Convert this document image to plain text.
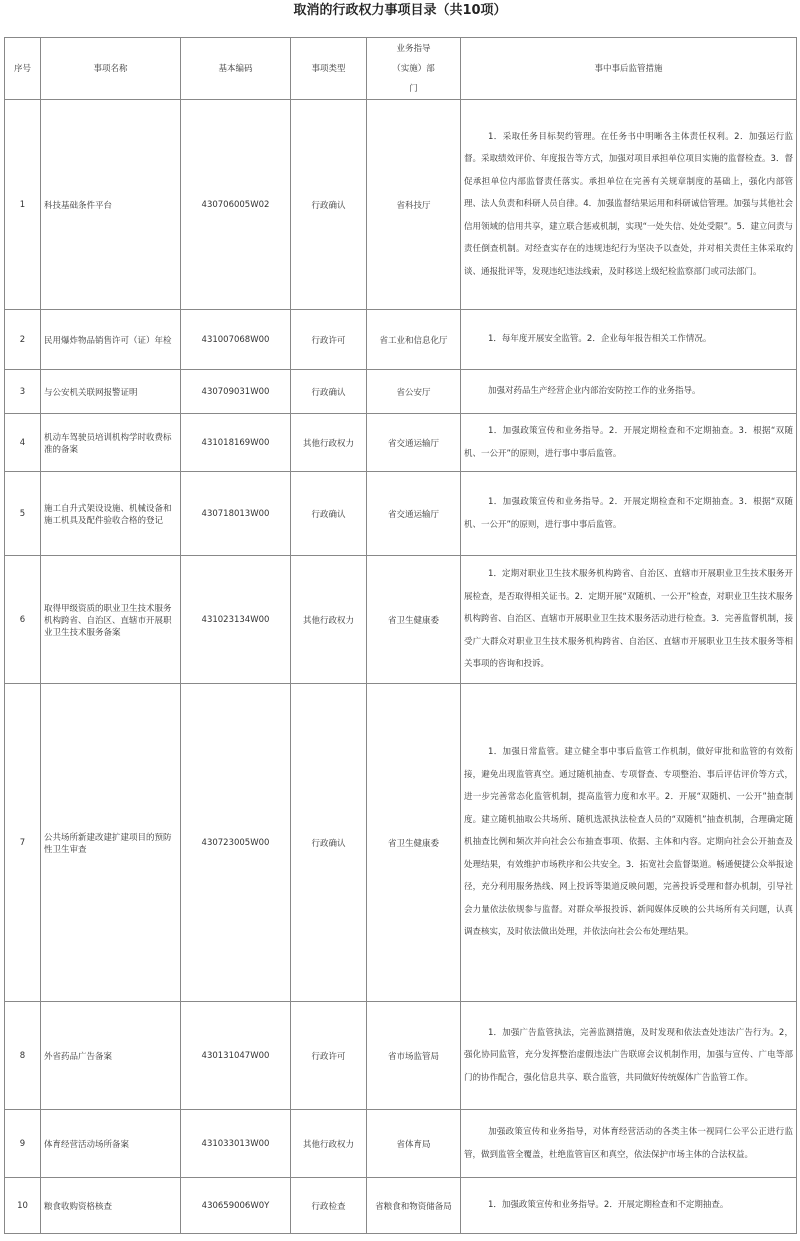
取消的行政权力事项目录（共10项）
序号	事项名称	基本编码	事项类型	业务指导（实施）部门	事中事后监管措施
1	科技基础条件平台	430706005W02	行政确认	省科技厅	1．采取任务目标契约管理。在任务书中明晰各主体责任权利。2．加强运行监督。采取绩效评价、年度报告等方式，加强对项目承担单位项目实施的监督检查。3．督促承担单位内部监督责任落实。承担单位在完善有关规章制度的基础上，强化内部管理、法人负责和科研人员自律。4．加强监督结果运用和科研诚信管理。加强与其他社会信用领域的信用共享，建立联合惩戒机制，实现“一处失信、处处受限”。5．建立问责与责任倒查机制。对经查实存在的违规违纪行为坚决予以查处，并对相关责任主体采取约谈、通报批评等，发现违纪违法线索，及时移送上级纪检监察部门或司法部门。
2	民用爆炸物品销售许可（证）年检	431007068W00	行政许可	省工业和信息化厅	1．每年度开展安全监管。2．企业每年报告相关工作情况。
3	与公安机关联网报警证明	430709031W00	行政确认	省公安厅	加强对药品生产经营企业内部治安防控工作的业务指导。
4	机动车驾驶员培训机构学时收费标准的备案	431018169W00	其他行政权力	省交通运输厅	1．加强政策宣传和业务指导。2．开展定期检查和不定期抽查。3．根据“双随机、一公开”的原则，进行事中事后监管。
5	施工自升式架设设施、机械设备和施工机具及配件验收合格的登记	430718013W00	行政确认	省交通运输厅	1．加强政策宣传和业务指导。2．开展定期检查和不定期抽查。3．根据“双随机、一公开”的原则，进行事中事后监管。
6	取得甲级资质的职业卫生技术服务机构跨省、自治区、直辖市开展职业卫生技术服务备案	431023134W00	其他行政权力	省卫生健康委	1．定期对职业卫生技术服务机构跨省、自治区、直辖市开展职业卫生技术服务开展检查，是否取得相关证书。2．定期开展“双随机、一公开”检查，对职业卫生技术服务机构跨省、自治区、直辖市开展职业卫生技术服务活动进行检查。3．完善监督机制，接受广大群众对职业卫生技术服务机构跨省、自治区、直辖市开展职业卫生技术服务等相关事项的咨询和投诉。
7	公共场所新建改建扩建项目的预防性卫生审查	430723005W00	行政确认	省卫生健康委	1．加强日常监管。建立健全事中事后监管工作机制，做好审批和监管的有效衔接，避免出现监管真空。通过随机抽查、专项督查、专项整治、事后评估评价等方式，进一步完善常态化监管机制，提高监管力度和水平。2．开展“双随机、一公开”抽查制度。建立随机抽取公共场所、随机选派执法检查人员的“双随机”抽查机制，合理确定随机抽查比例和频次并向社会公布抽查事项、依据、主体和内容。定期向社会公开抽查及处理结果，有效维护市场秩序和公共安全。3．拓宽社会监督渠道。畅通便捷公众举报途径，充分利用服务热线、网上投诉等渠道反映问题，完善投诉受理和督办机制，引导社会力量依法依规参与监督。对群众举报投诉、新闻媒体反映的公共场所有关问题，认真调查核实，及时依法做出处理，并依法向社会公布处理结果。
8	外省药品广告备案	430131047W00	行政许可	省市场监管局	1．加强广告监管执法，完善监测措施，及时发现和依法查处违法广告行为。2，强化协同监管，充分发挥整治虚假违法广告联席会议机制作用，加强与宣传、广电等部门的协作配合，强化信息共享、联合监管，共同做好传统媒体广告监管工作。
9	体育经营活动场所备案	431033013W00	其他行政权力	省体育局	加强政策宣传和业务指导，对体育经营活动的各类主体一视同仁公平公正进行监管，做到监管全覆盖，杜绝监管盲区和真空，依法保护市场主体的合法权益。
10	粮食收购资格核查	430659006W0Y	行政检查	省粮食和物资储备局	1．加强政策宣传和业务指导。2．开展定期检查和不定期抽查。
